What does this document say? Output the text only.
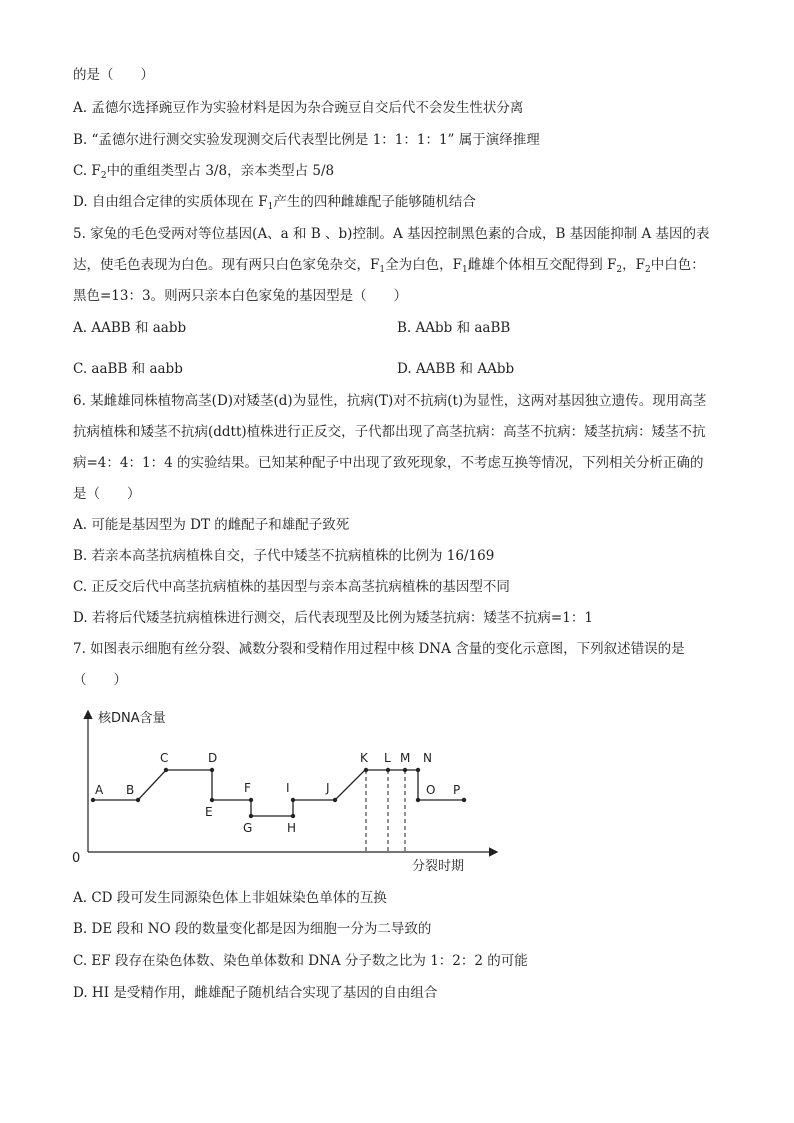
的是（　　）
A. 孟德尔选择豌豆作为实验材料是因为杂合豌豆自交后代不会发生性状分离
B. “孟德尔进行测交实验发现测交后代表型比例是 1：1：1：1” 属于演绎推理
C. $F_2$中的重组类型占 3/8，亲本类型占 5/8
D. 自由组合定律的实质体现在 $F_1$产生的四种雌雄配子能够随机结合
5. 家兔的毛色受两对等位基因(A、a 和 B 、b)控制。A 基因控制黑色素的合成，B 基因能抑制 A 基因的表
达，使毛色表现为白色。现有两只白色家兔杂交，$F_1$全为白色，$F_1$雌雄个体相互交配得到 $F_2$，$F_2$中白色：
黑色=13：3。则两只亲本白色家兔的基因型是（　　）
A. AABB 和 aabb	B. AAbb 和 aaBB
C. aaBB 和 aabb	D. AABB 和 AAbb
6. 某雌雄同株植物高茎(D)对矮茎(d)为显性，抗病(T)对不抗病(t)为显性，这两对基因独立遗传。现用高茎
抗病植株和矮茎不抗病(ddtt)植株进行正反交，子代都出现了高茎抗病：高茎不抗病：矮茎抗病：矮茎不抗
病=4：4：1：4 的实验结果。已知某种配子中出现了致死现象，不考虑互换等情况，下列相关分析正确的
是（　　）
A. 可能是基因型为 DT 的雌配子和雄配子致死
B. 若亲本高茎抗病植株自交，子代中矮茎不抗病植株的比例为 16/169
C. 正反交后代中高茎抗病植株的基因型与亲本高茎抗病植株的基因型不同
D. 若将后代矮茎抗病植株进行测交，后代表现型及比例为矮茎抗病：矮茎不抗病=1：1
7. 如图表示细胞有丝分裂、减数分裂和受精作用过程中核 DNA 含量的变化示意图，下列叙述错误的是
（　　）
核DNA含量
分裂时期
0
A B
C	D
E
F
G	H
I	J
K L M N
O P
A. CD 段可发生同源染色体上非姐妹染色单体的互换
B. DE 段和 NO 段的数量变化都是因为细胞一分为二导致的
C. EF 段存在染色体数、染色单体数和 DNA 分子数之比为 1：2：2 的可能
D. HI 是受精作用，雌雄配子随机结合实现了基因的自由组合
